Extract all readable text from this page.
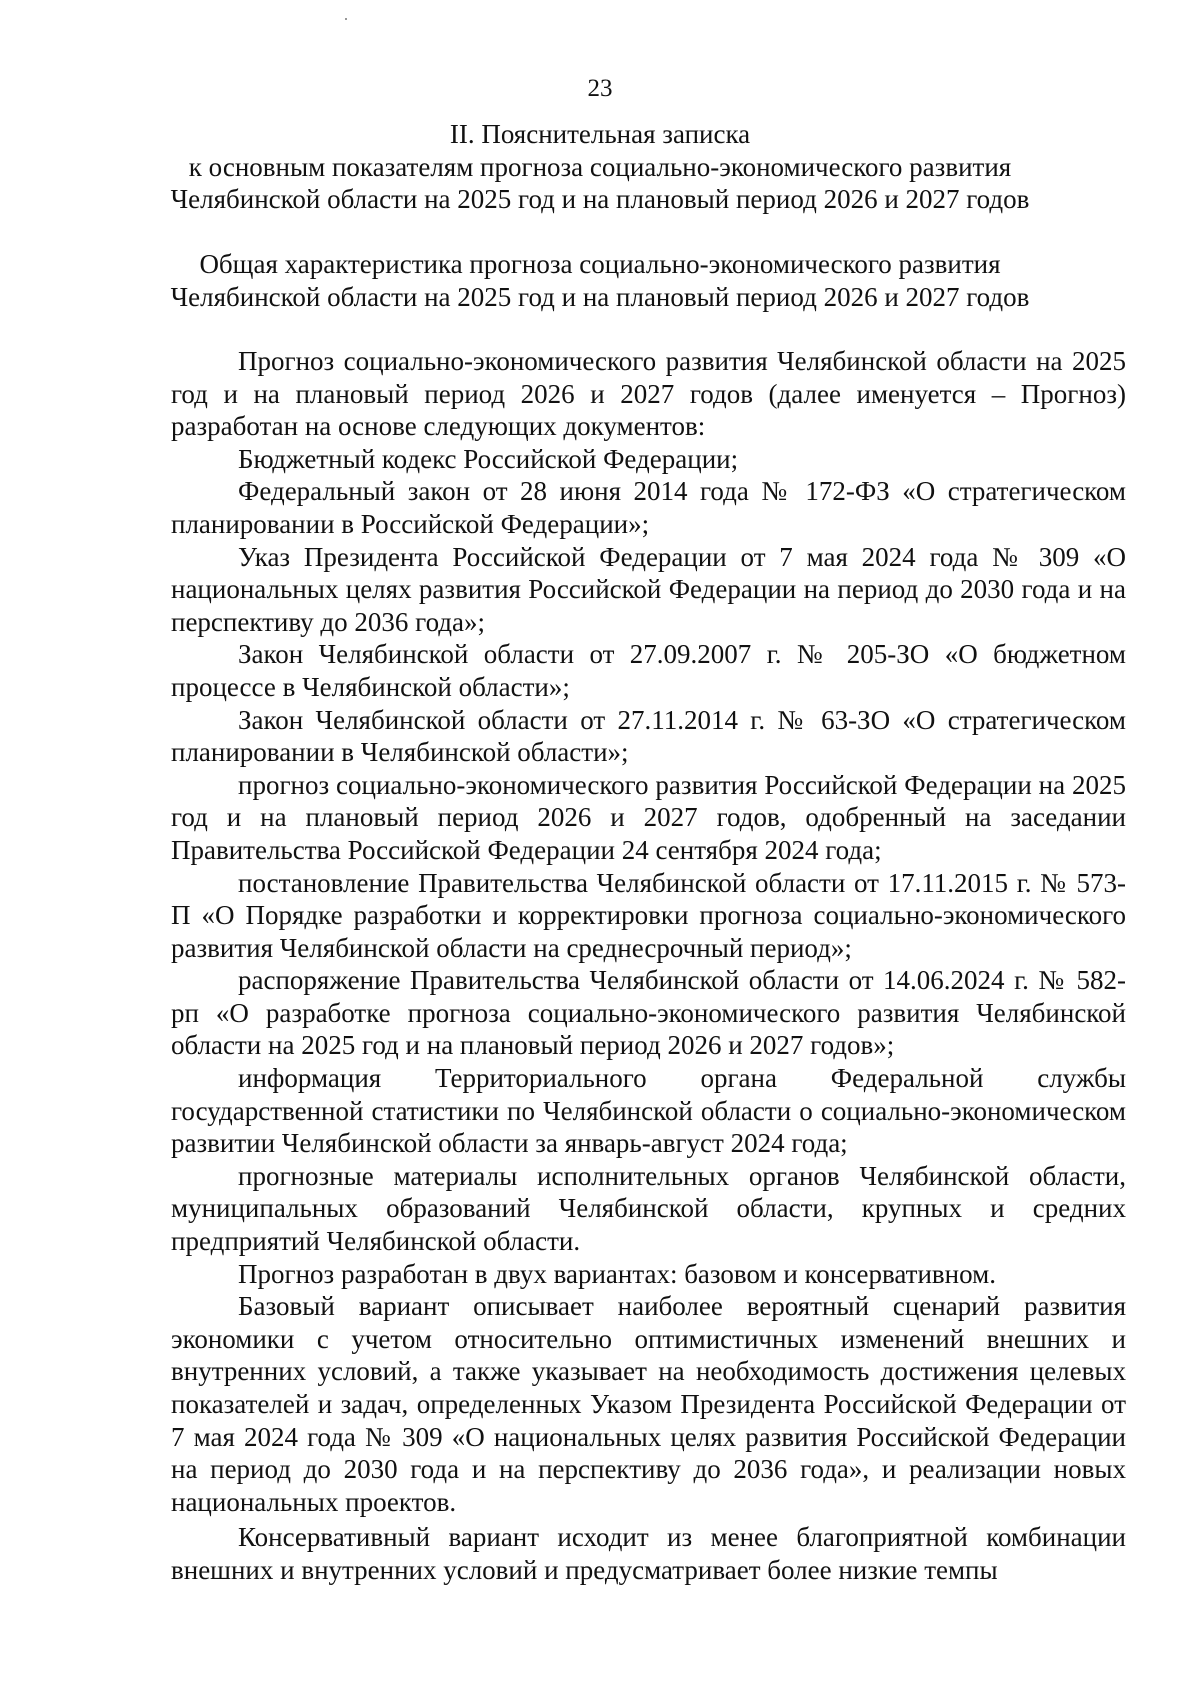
23
II. Пояснительная записка
к основным показателям прогноза социально-экономического развития
Челябинской области на 2025 год и на плановый период 2026 и 2027 годов
Общая характеристика прогноза социально-экономического развития
Челябинской области на 2025 год и на плановый период 2026 и 2027 годов

Прогноз социально-экономического развития Челябинской области на 2025 год и на плановый период 2026 и 2027 годов (далее именуется – Прогноз) разработан на основе следующих документов:

Бюджетный кодекс Российской Федерации;

Федеральный закон от 28 июня 2014 года № 172-ФЗ «О стратегическом планировании в Российской Федерации»;

Указ Президента Российской Федерации от 7 мая 2024 года № 309 «О национальных целях развития Российской Федерации на период до 2030 года и на перспективу до 2036 года»;

Закон Челябинской области от 27.09.2007 г. № 205-ЗО «О бюджетном процессе в Челябинской области»;

Закон Челябинской области от 27.11.2014 г. № 63-ЗО «О стратегическом планировании в Челябинской области»;

прогноз социально-экономического развития Российской Федерации на 2025 год и на плановый период 2026 и 2027 годов, одобренный на заседании Правительства Российской Федерации 24 сентября 2024 года;

постановление Правительства Челябинской области от 17.11.2015 г. № 573-П «О Порядке разработки и корректировки прогноза социально-экономического развития Челябинской области на среднесрочный период»;

распоряжение Правительства Челябинской области от 14.06.2024 г. № 582-рп «О разработке прогноза социально-экономического развития Челябинской области на 2025 год и на плановый период 2026 и 2027 годов»;

информация Территориального органа Федеральной службы государственной статистики по Челябинской области о социально-экономическом развитии Челябинской области за январь-август 2024 года;

прогнозные материалы исполнительных органов Челябинской области, муниципальных образований Челябинской области, крупных и средних предприятий Челябинской области.

Прогноз разработан в двух вариантах: базовом и консервативном.

Базовый вариант описывает наиболее вероятный сценарий развития экономики с учетом относительно оптимистичных изменений внешних и внутренних условий, а также указывает на необходимость достижения целевых показателей и задач, определенных Указом Президента Российской Федерации от 7 мая 2024 года № 309 «О национальных целях развития Российской Федерации на период до 2030 года и на перспективу до 2036 года», и реализации новых национальных проектов.

Консервативный вариант исходит из менее благоприятной комбинации внешних и внутренних условий и предусматривает более низкие темпы
